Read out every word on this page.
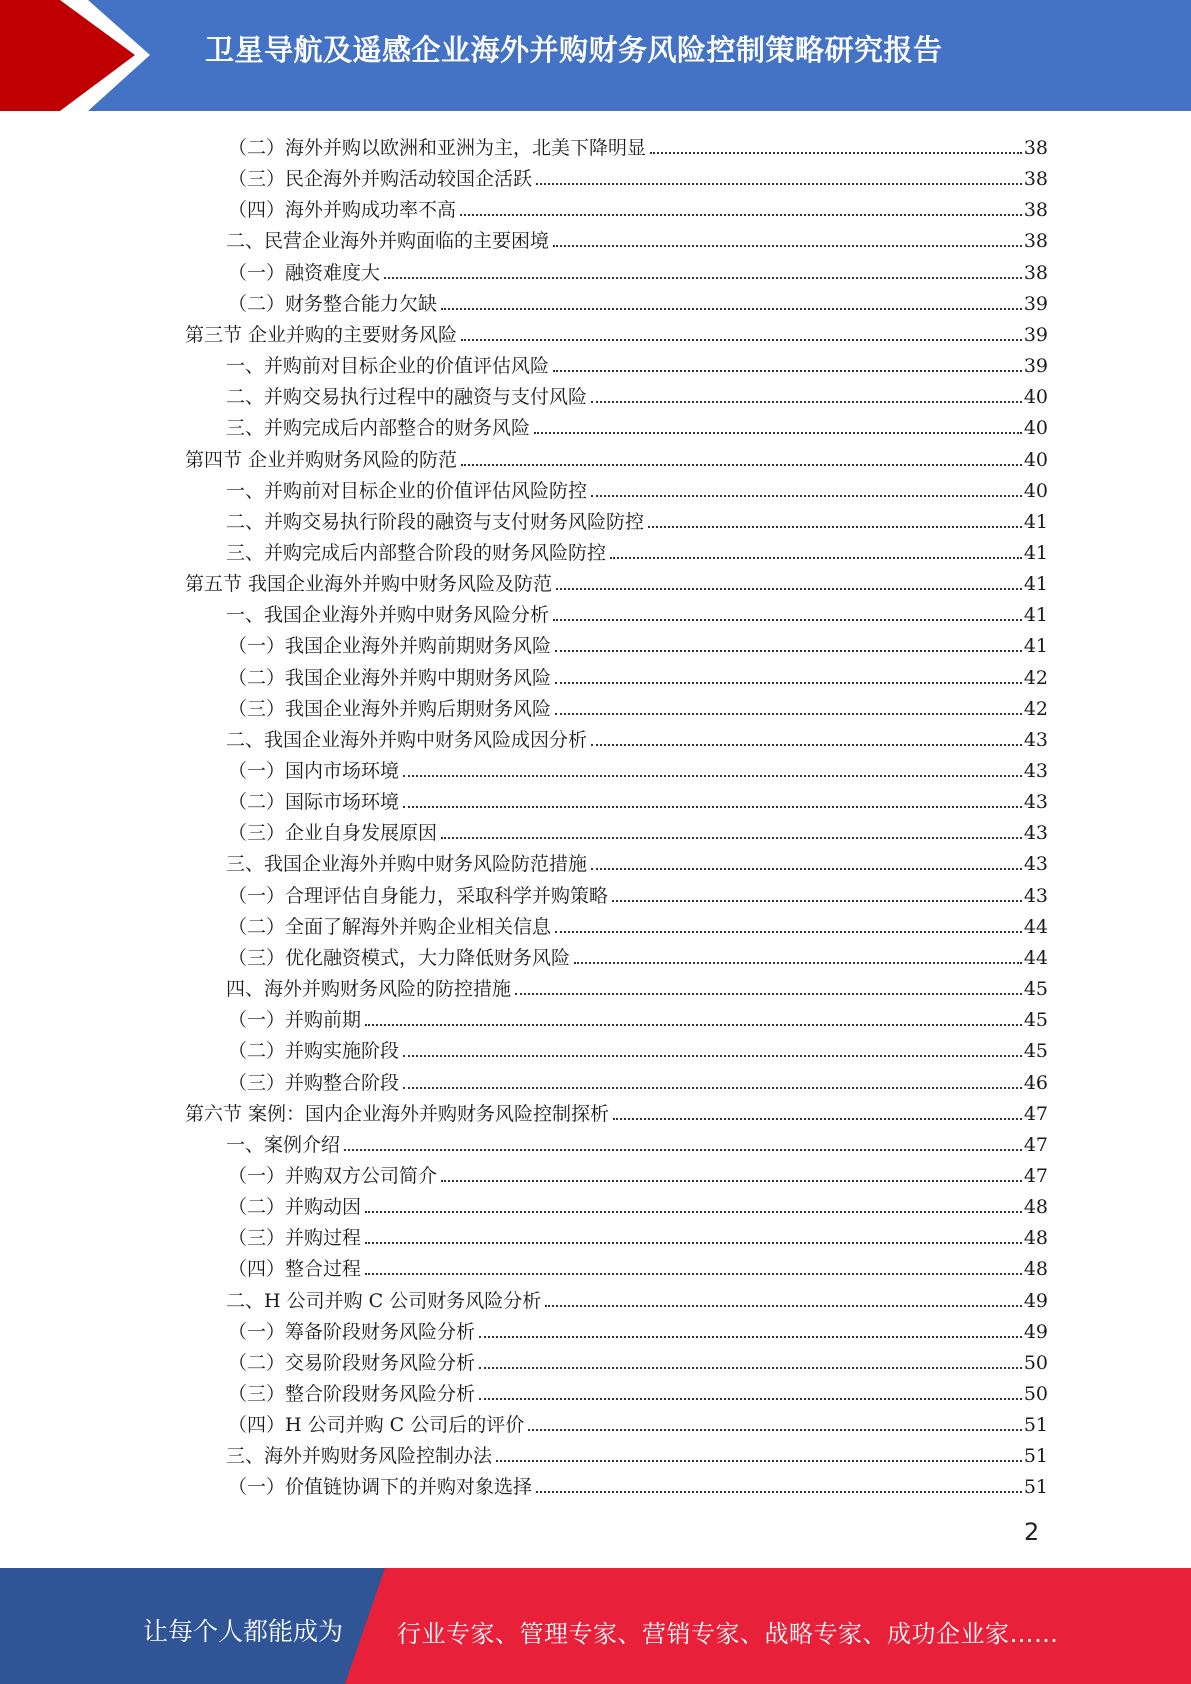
卫星导航及遥感企业海外并购财务风险控制策略研究报告
（二）海外并购以欧洲和亚洲为主，北美下降明显	38
（三）民企海外并购活动较国企活跃	38
（四）海外并购成功率不高	38
二、民营企业海外并购面临的主要困境	38
（一）融资难度大	38
（二）财务整合能力欠缺	39
第三节 企业并购的主要财务风险	39
一、并购前对目标企业的价值评估风险	39
二、并购交易执行过程中的融资与支付风险	40
三、并购完成后内部整合的财务风险	40
第四节 企业并购财务风险的防范	40
一、并购前对目标企业的价值评估风险防控	40
二、并购交易执行阶段的融资与支付财务风险防控	41
三、并购完成后内部整合阶段的财务风险防控	41
第五节 我国企业海外并购中财务风险及防范	41
一、我国企业海外并购中财务风险分析	41
（一）我国企业海外并购前期财务风险	41
（二）我国企业海外并购中期财务风险	42
（三）我国企业海外并购后期财务风险	42
二、我国企业海外并购中财务风险成因分析	43
（一）国内市场环境	43
（二）国际市场环境	43
（三）企业自身发展原因	43
三、我国企业海外并购中财务风险防范措施	43
（一）合理评估自身能力，采取科学并购策略	43
（二）全面了解海外并购企业相关信息	44
（三）优化融资模式，大力降低财务风险	44
四、海外并购财务风险的防控措施	45
（一）并购前期	45
（二）并购实施阶段	45
（三）并购整合阶段	46
第六节 案例：国内企业海外并购财务风险控制探析	47
一、案例介绍	47
（一）并购双方公司简介	47
（二）并购动因	48
（三）并购过程	48
（四）整合过程	48
二、H 公司并购 C 公司财务风险分析	49
（一）筹备阶段财务风险分析	49
（二）交易阶段财务风险分析	50
（三）整合阶段财务风险分析	50
（四）H 公司并购 C 公司后的评价	51
三、海外并购财务风险控制办法	51
（一）价值链协调下的并购对象选择	51
2
让每个人都能成为 行业专家、管理专家、营销专家、战略专家、成功企业家……
